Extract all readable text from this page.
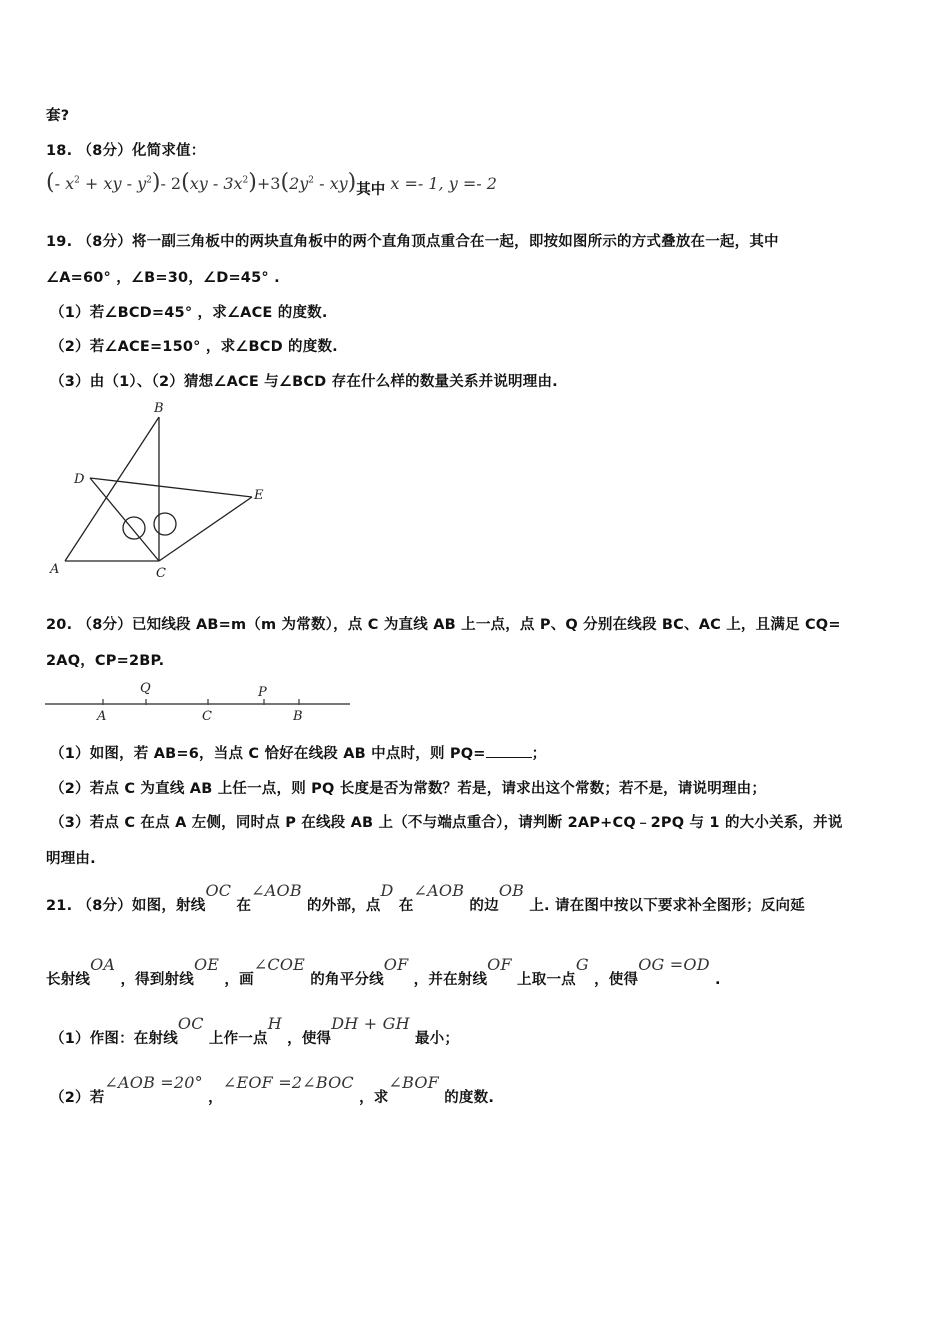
套?
18. （8分）化简求值：
(- $x^2$ + xy - $y^2)-$ $2(xy - 3x^2)+3(2y^2 - xy)$其中 x =- 1, y =- 2
19. （8分）将一副三角板中的两块直角板中的两个直角顶点重合在一起，即按如图所示的方式叠放在一起，其中
∠A=60° ，∠B=30，∠D=45° .
（1）若∠BCD=45° ，求∠ACE 的度数.
（2）若∠ACE=150° ，求∠BCD 的度数.
（3）由（1）、（2）猜想∠ACE 与∠BCD 存在什么样的数量关系并说明理由.
A
B
C
D
E
20. （8分）已知线段 AB=m（m 为常数），点 C 为直线 AB 上一点，点 P、Q 分别在线段 BC、AC 上，且满足 CQ=
2AQ，CP=2BP.
A
Q
C
P
B
（1）如图，若 AB=6，当点 C 恰好在线段 AB 中点时，则 PQ=	；
（2）若点 C 为直线 AB 上任一点，则 PQ 长度是否为常数？若是，请求出这个常数；若不是，请说明理由；
（3）若点 C 在点 A 左侧，同时点 P 在线段 AB 上（不与端点重合），请判断 2AP+CQ﹣2PQ 与 1 的大小关系，并说
明理由.
21. （8分）如图，射线OC 在∠AOB 的外部，点D 在∠AOB 的边OB 上. 请在图中按以下要求补全图形；反向延
长射线OA ，得到射线OE ，画∠COE 的角平分线OF ，并在射线OF 上取一点G ，使得OG =OD .
（1）作图：在射线OC 上作一点H ，使得DH + GH 最小；
（2）若∠AOB =20° ，∠EOF =2∠BOC ，求∠BOF 的度数.
